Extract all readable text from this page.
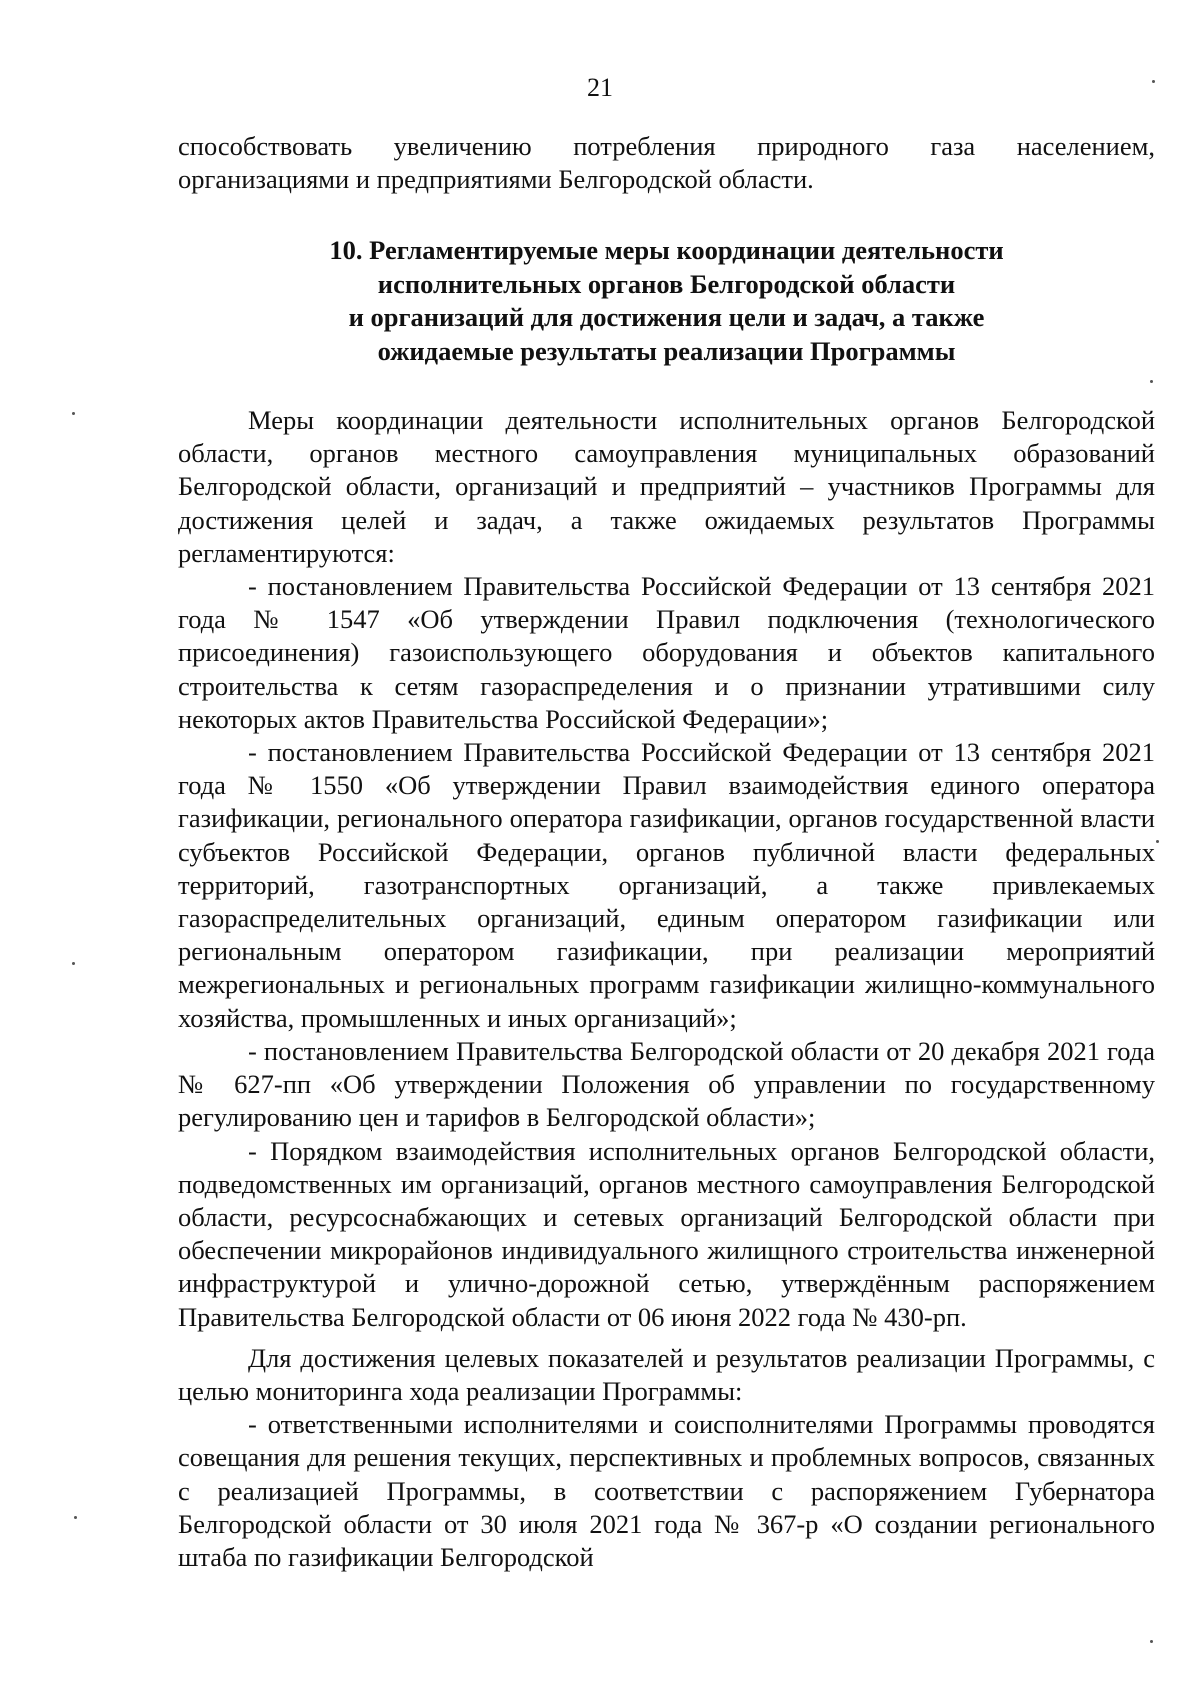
21

способствовать увеличению потребления природного газа населением, организациями и предприятиями Белгородской области.

10. Регламентируемые меры координации деятельности
исполнительных органов Белгородской области
и организаций для достижения цели и задач, а также
ожидаемые результаты реализации Программы

Меры координации деятельности исполнительных органов Белгородской области, органов местного самоуправления муниципальных образований Белгородской области, организаций и предприятий – участников Программы для достижения целей и задач, а также ожидаемых результатов Программы регламентируются:

- постановлением Правительства Российской Федерации от 13 сентября 2021 года № 1547 «Об утверждении Правил подключения (технологического присоединения) газоиспользующего оборудования и объектов капитального строительства к сетям газораспределения и о признании утратившими силу некоторых актов Правительства Российской Федерации»;

- постановлением Правительства Российской Федерации от 13 сентября 2021 года № 1550 «Об утверждении Правил взаимодействия единого оператора газификации, регионального оператора газификации, органов государственной власти субъектов Российской Федерации, органов публичной власти федеральных территорий, газотранспортных организаций, а также привлекаемых газораспределительных организаций, единым оператором газификации или региональным оператором газификации, при реализации мероприятий межрегиональных и региональных программ газификации жилищно-коммунального хозяйства, промышленных и иных организаций»;

- постановлением Правительства Белгородской области от 20 декабря 2021 года № 627-пп «Об утверждении Положения об управлении по государственному регулированию цен и тарифов в Белгородской области»;

- Порядком взаимодействия исполнительных органов Белгородской области, подведомственных им организаций, органов местного самоуправления Белгородской области, ресурсоснабжающих и сетевых организаций Белгородской области при обеспечении микрорайонов индивидуального жилищного строительства инженерной инфраструктурой и улично-дорожной сетью, утверждённым распоряжением Правительства Белгородской области от 06 июня 2022 года № 430-рп.

Для достижения целевых показателей и результатов реализации Программы, с целью мониторинга хода реализации Программы:

- ответственными исполнителями и соисполнителями Программы проводятся совещания для решения текущих, перспективных и проблемных вопросов, связанных с реализацией Программы, в соответствии с распоряжением Губернатора Белгородской области от 30 июля 2021 года № 367-р «О создании регионального штаба по газификации Белгородской
